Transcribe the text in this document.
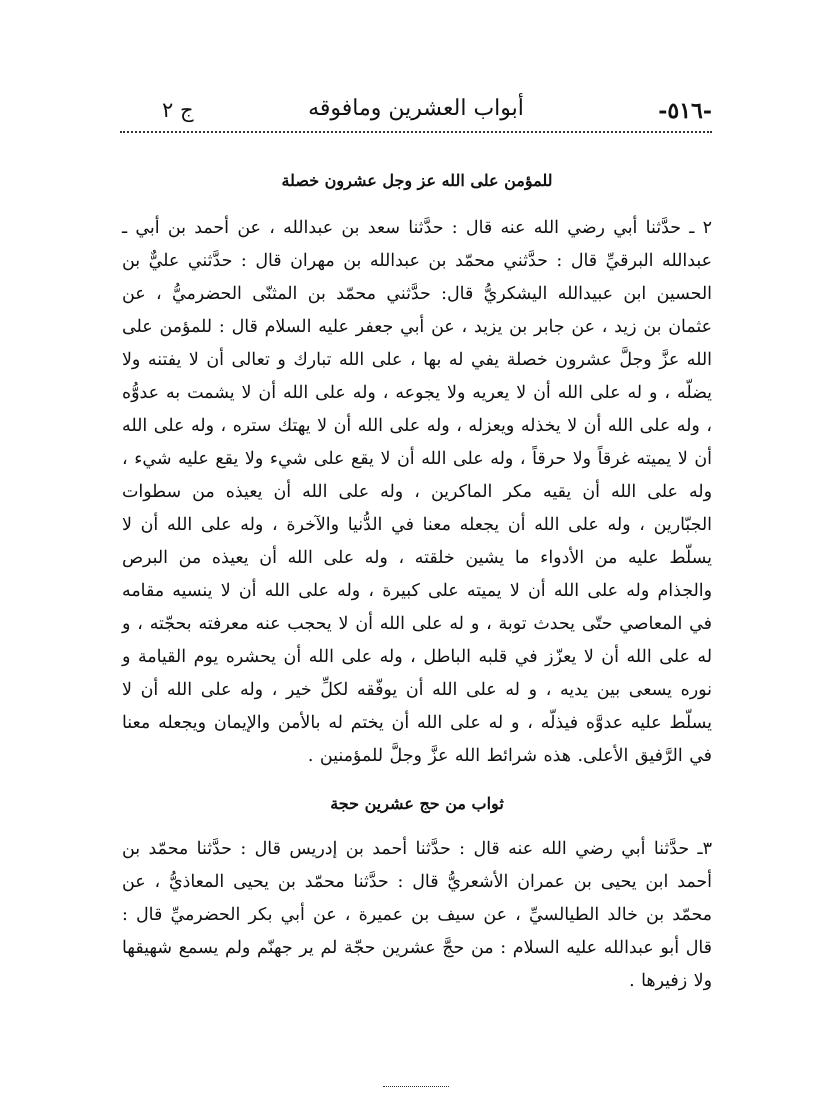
-٥١٦-
أبواب العشرين ومافوقه
ج ٢
للمؤمن على الله عز وجل عشرون خصلة

٢ ـ حدَّثنا أبي رضي الله عنه قال : حدَّثنا سعد بن عبدالله ، عن أحمد بن أبي ـ عبدالله البرقيِّ قال : حدَّثني محمّد بن عبدالله بن مهران قال : حدَّثني عليٌّ بن الحسين ابن عبيدالله اليشكريُّ قال: حدَّثني محمّد بن المثنّى الحضرميُّ ، عن عثمان بن زيد ، عن جابر بن يزيد ، عن أبي جعفر عليه السلام قال : للمؤمن على الله عزَّ وجلَّ عشرون خصلة يفي له بها ، على الله تبارك و تعالى أن لا يفتنه ولا يضلّه ، و له على الله أن لا يعريه ولا يجوعه ، وله على الله أن لا يشمت به عدوُّه ، وله على الله أن لا يخذله ويعزله ، وله على الله أن لا يهتك ستره ، وله على الله أن لا يميته غرقاً ولا حرقاً ، وله على الله أن لا يقع على شيء ولا يقع عليه شيء ، وله على الله أن يقيه مكر الماكرين ، وله على الله أن يعيذه من سطوات الجبّارين ، وله على الله أن يجعله معنا في الدُّنيا والآخرة ، وله على الله أن لا يسلّط عليه من الأدواء ما يشين خلقته ، وله على الله أن يعيذه من البرص والجذام وله على الله أن لا يميته على كبيرة ، وله على الله أن لا ينسيه مقامه في المعاصي حتّى يحدث توبة ، و له على الله أن لا يحجب عنه معرفته بحجّته ، و له على الله أن لا يعزّز في قلبه الباطل ، وله على الله أن يحشره يوم القيامة و نوره يسعى بين يديه ، و له على الله أن يوفّقه لكلِّ خير ، وله على الله أن لا يسلّط عليه عدوَّه فيذلّه ، و له على الله أن يختم له بالأمن والإيمان ويجعله معنا في الرَّفيق الأعلى. هذه شرائط الله عزَّ وجلَّ للمؤمنين .

ثواب من حج عشرين حجة

٣ـ حدَّثنا أبي رضي الله عنه قال : حدَّثنا أحمد بن إدريس قال : حدَّثنا محمّد بن أحمد ابن يحيى بن عمران الأشعريُّ قال : حدَّثنا محمّد بن يحيى المعاذيُّ ، عن محمّد بن خالد الطيالسيِّ ، عن سيف بن عميرة ، عن أبي بكر الحضرميِّ قال : قال أبو عبدالله عليه السلام : من حجَّ عشرين حجّة لم ير جهنّم ولم يسمع شهيقها ولا زفيرها .
